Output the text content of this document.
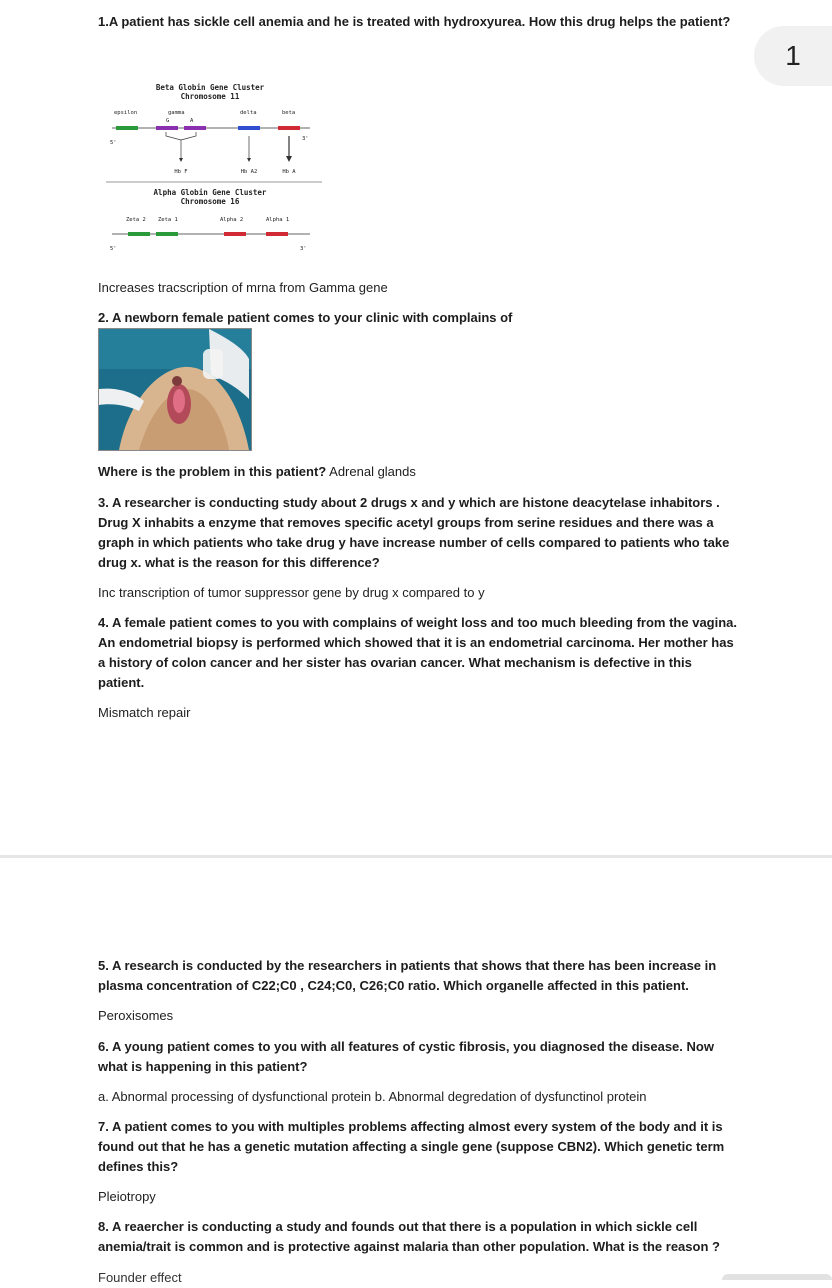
1

1.A patient has sickle cell anemia and he is treated with hydroxyurea. How this drug helps the patient?

Beta Globin Gene Cluster
Chromosome 11
epsilon	gamma
G	A
delta	beta
5'
3'
Hb F	Hb A2	Hb A
Alpha Globin Gene Cluster
Chromosome 16
Zeta 2 Zeta 1	Alpha 2	Alpha 1
5'	3'

Increases tracscription of mrna from Gamma gene

2. A newborn female patient comes to your clinic with complains of

Where is the problem in this patient? Adrenal glands

3. A researcher is conducting study about 2 drugs x and y which are histone deacytelase inhabitors . Drug X inhabits a enzyme that removes specific acetyl groups from serine residues and there was a graph in which patients who take drug y have increase number of cells compared to patients who take drug x. what is the reason for this difference?

Inc transcription of tumor suppressor gene by drug x compared to y

4. A female patient comes to you with complains of weight loss and too much bleeding from the vagina. An endometrial biopsy is performed which showed that it is an endometrial carcinoma. Her mother has a history of colon cancer and her sister has ovarian cancer. What mechanism is defective in this patient.

Mismatch repair

5. A research is conducted by the researchers in patients that shows that there has been increase in plasma concentration of C22;C0 , C24;C0, C26;C0 ratio. Which organelle affected in this patient.

Peroxisomes

6. A young patient comes to you with all features of cystic fibrosis, you diagnosed the disease. Now what is happening in this patient?

a. Abnormal processing of dysfunctional protein b. Abnormal degredation of dysfunctinol protein

7. A patient comes to you with multiples problems affecting almost every system of the body and it is found out that he has a genetic mutation affecting a single gene (suppose CBN2). Which genetic term defines this?

Pleiotropy

8. A reaercher is conducting a study and founds out that there is a population in which sickle cell anemia/trait is common and is protective against malaria than other population. What is the reason ?

Founder effect
